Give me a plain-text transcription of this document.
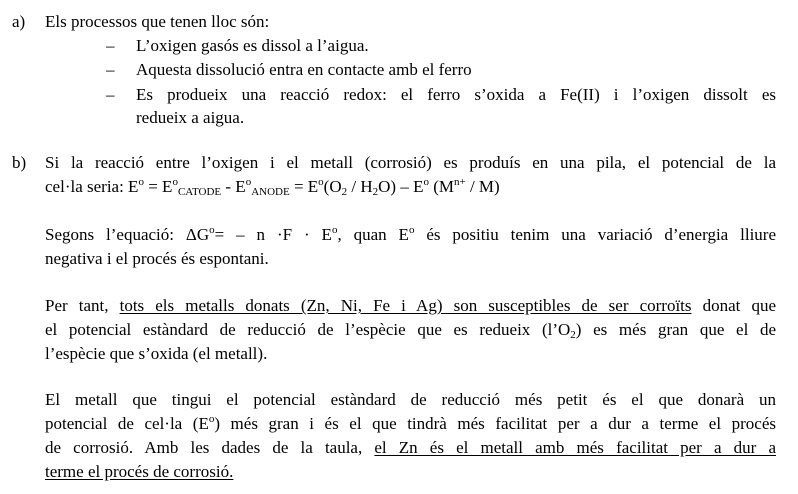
a) Els processos que tenen lloc són:
– L’oxigen gasós es dissol a l’aigua.
– Aquesta dissolució entra en contacte amb el ferro
– Es produeix una reacció redox: el ferro s’oxida a Fe(II) i l’oxigen dissolt es
redueix a aigua.
b) Si la reacció entre l’oxigen i el metall (corrosió) es produís en una pila, el potencial de la
cel·la seria: $E^o = E^o_{CATODE} - E^o_{ANODE} = E^o(O_2 / H_2O) - E^o$ $(M^{n+} / M)$
Segons l’equació: $\Delta G^o= - n \cdot F \cdot E^o$, quan $E^o$ és positiu tenim una variació d’energia lliure
negativa i el procés és espontani.
Per tant, tots els metalls donats (Zn, Ni, Fe i Ag) son susceptibles de ser corroïts donat que
el potencial estàndard de reducció de l’espècie que es redueix $(l’O_2)$ es més gran que el de
l’espècie que s’oxida (el metall).
El metall que tingui el potencial estàndard de reducció més petit és el que donarà un
potencial de cel·la $(E^o)$ més gran i és el que tindrà més facilitat per a dur a terme el procés
de corrosió. Amb les dades de la taula, el Zn és el metall amb més facilitat per a dur a
terme el procés de corrosió.
